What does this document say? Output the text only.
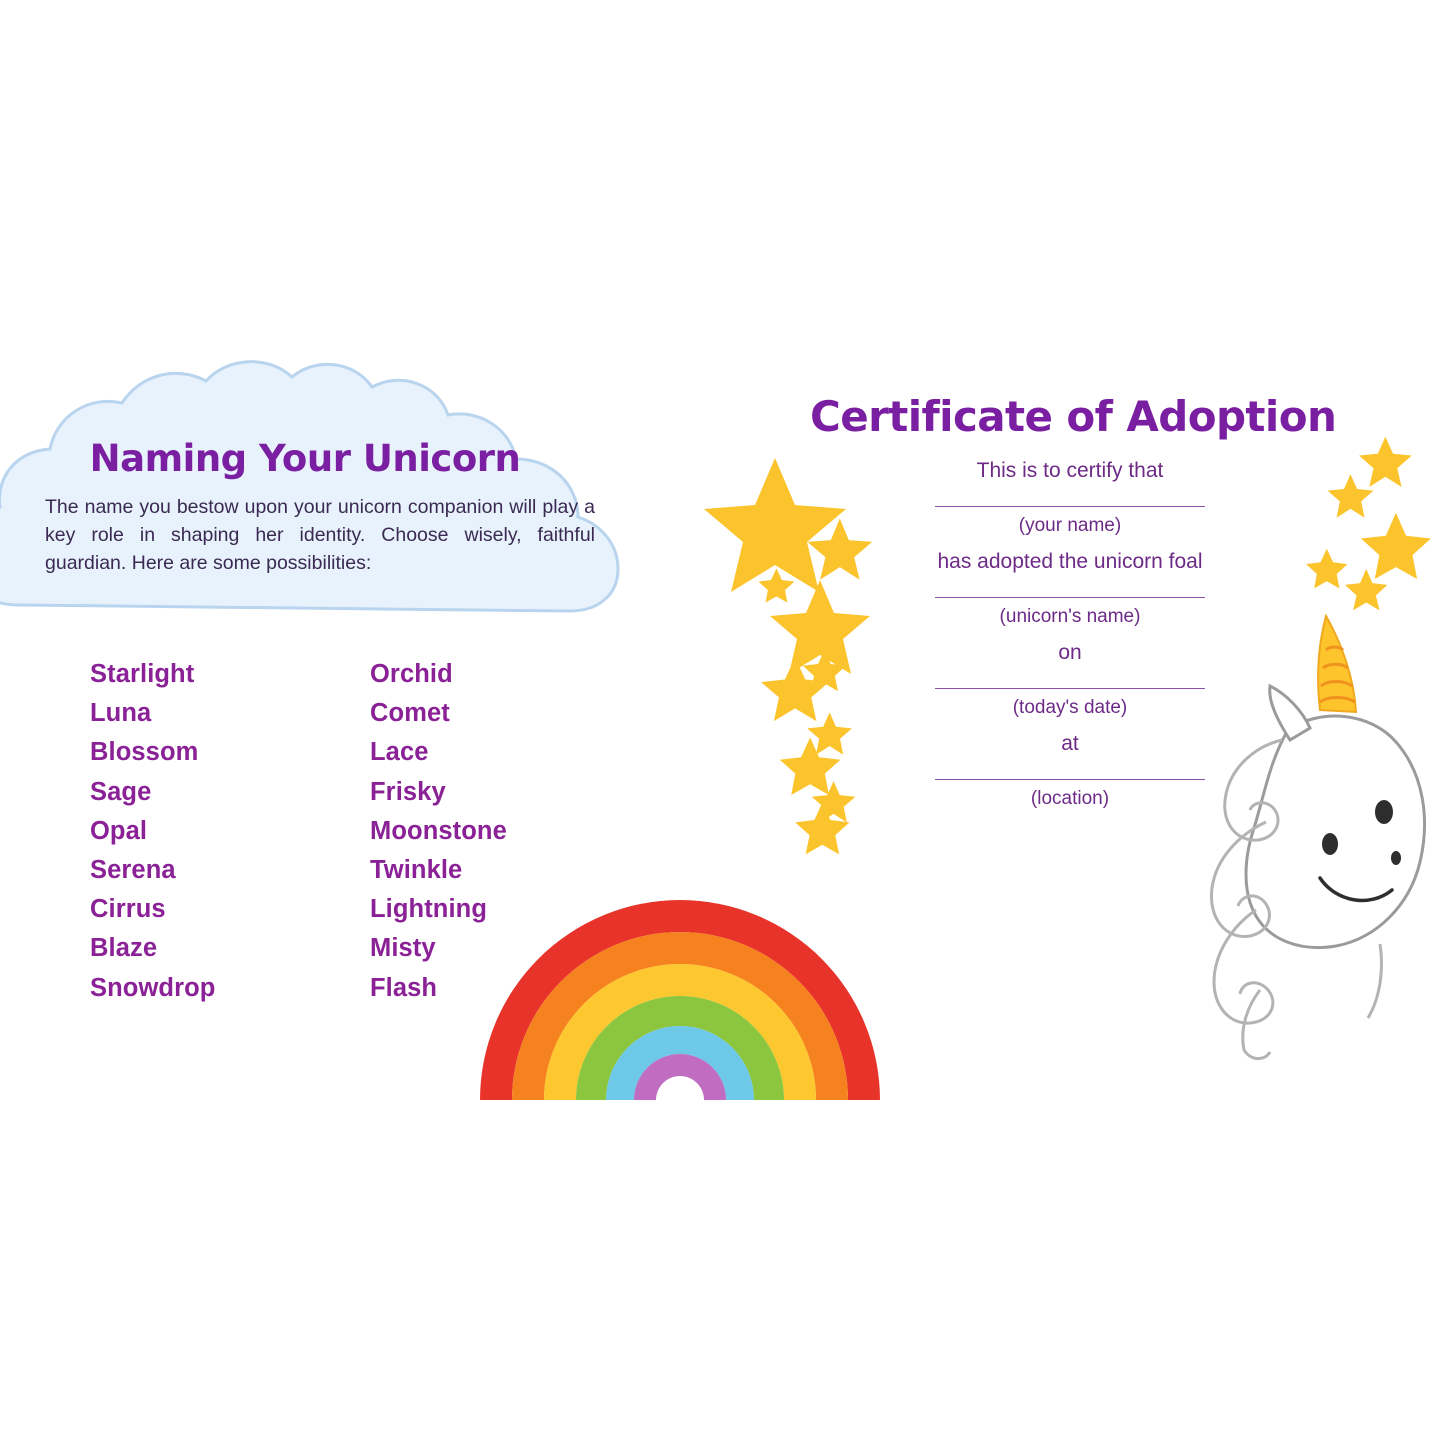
Naming Your Unicorn
The name you bestow upon your unicorn companion will play a key role in shaping her identity. Choose wisely, faithful guardian. Here are some possibilities:
Starlight
Luna
Blossom
Sage
Opal
Serena
Cirrus
Blaze
Snowdrop
Orchid
Comet
Lace
Frisky
Moonstone
Twinkle
Lightning
Misty
Flash
Certificate of Adoption
This is to certify that
(your name)
has adopted the unicorn foal
(unicorn's name)
on
(today's date)
at
(location)
